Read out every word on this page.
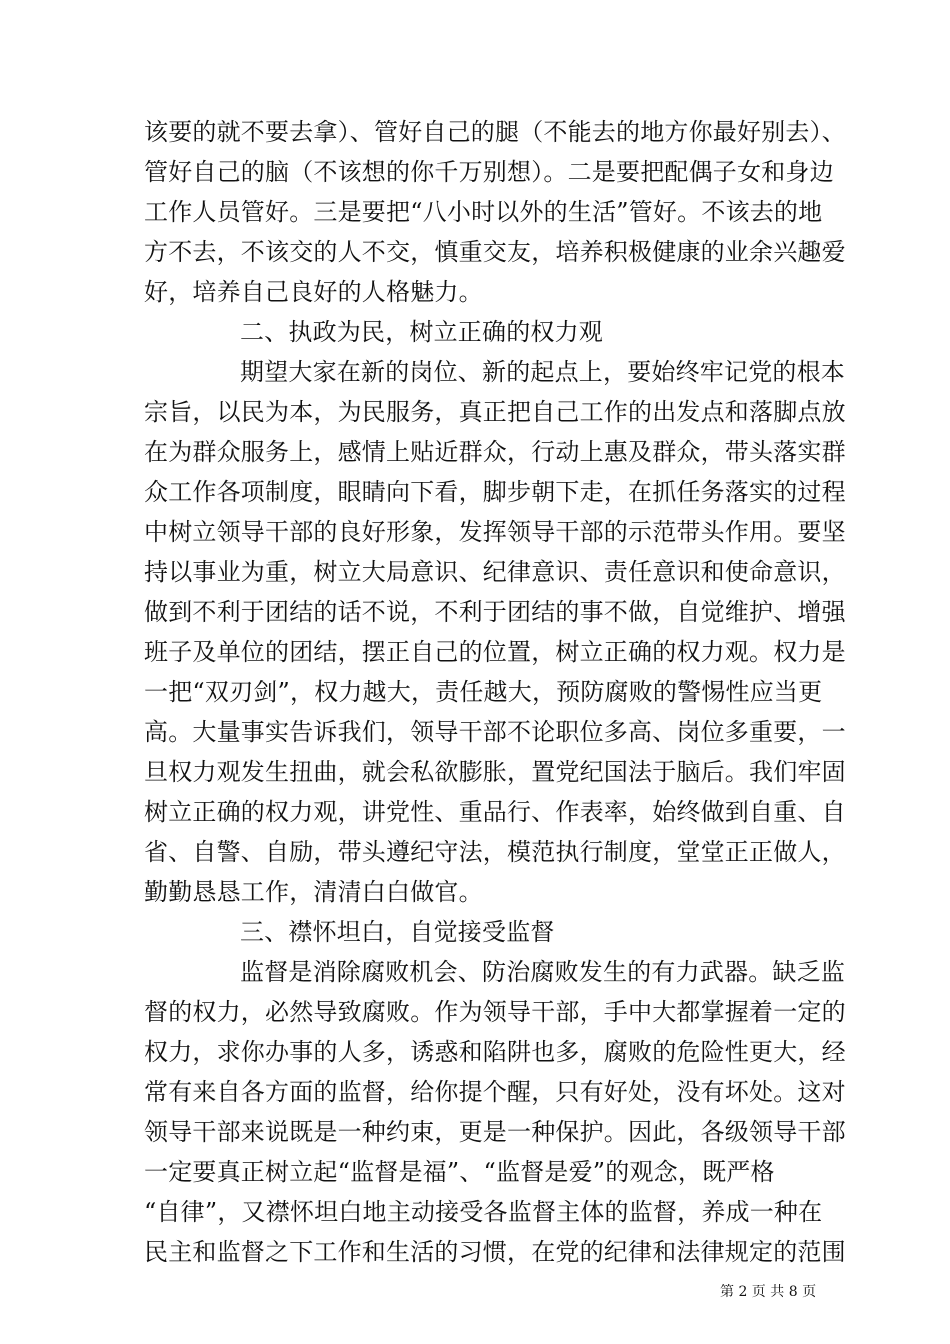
该要的就不要去拿）、管好自己的腿（不能去的地方你最好别去）、
管好自己的脑（不该想的你千万别想）。二是要把配偶子女和身边
工作人员管好。三是要把“八小时以外的生活”管好。不该去的地
方不去，不该交的人不交，慎重交友，培养积极健康的业余兴趣爱
好，培养自己良好的人格魅力。
二、执政为民，树立正确的权力观
期望大家在新的岗位、新的起点上，要始终牢记党的根本
宗旨，以民为本，为民服务，真正把自己工作的出发点和落脚点放
在为群众服务上，感情上贴近群众，行动上惠及群众，带头落实群
众工作各项制度，眼睛向下看，脚步朝下走，在抓任务落实的过程
中树立领导干部的良好形象，发挥领导干部的示范带头作用。要坚
持以事业为重，树立大局意识、纪律意识、责任意识和使命意识，
做到不利于团结的话不说，不利于团结的事不做，自觉维护、增强
班子及单位的团结，摆正自己的位置，树立正确的权力观。权力是
一把“双刃剑”，权力越大，责任越大，预防腐败的警惕性应当更
高。大量事实告诉我们，领导干部不论职位多高、岗位多重要，一
旦权力观发生扭曲，就会私欲膨胀，置党纪国法于脑后。我们牢固
树立正确的权力观，讲党性、重品行、作表率，始终做到自重、自
省、自警、自励，带头遵纪守法，模范执行制度，堂堂正正做人，
勤勤恳恳工作，清清白白做官。
三、襟怀坦白，自觉接受监督
监督是消除腐败机会、防治腐败发生的有力武器。缺乏监
督的权力，必然导致腐败。作为领导干部，手中大都掌握着一定的
权力，求你办事的人多，诱惑和陷阱也多，腐败的危险性更大，经
常有来自各方面的监督，给你提个醒，只有好处，没有坏处。这对
领导干部来说既是一种约束，更是一种保护。因此，各级领导干部
一定要真正树立起“监督是福”、“监督是爱”的观念，既严格
“自律”，又襟怀坦白地主动接受各监督主体的监督，养成一种在
民主和监督之下工作和生活的习惯，在党的纪律和法律规定的范围
第 2 页 共 8 页
